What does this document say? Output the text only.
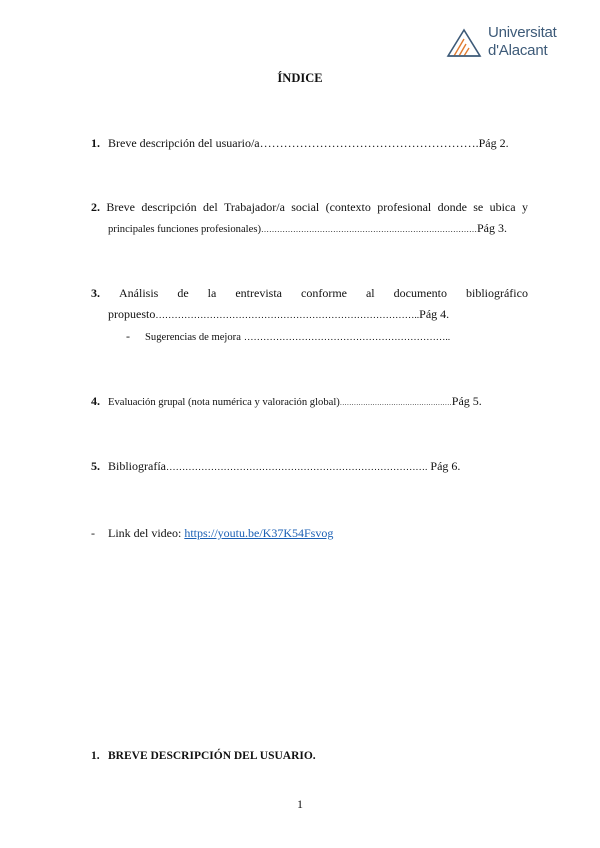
Universitat
d'Alacant
ÍNDICE
1. Breve descripción del usuario/a……………………………………………….Pág 2.
2. Breve descripción del Trabajador/a social (contexto profesional donde se ubica y
principales funciones profesionales)………………………………………………………………………Pág 3.
3. Análisis de la entrevista conforme al documento bibliográfico
propuesto………………………………………………………………………..Pág 4.
- Sugerencias de mejora ………………………………………………………..
4. Evaluación grupal (nota numérica y valoración global)…………………………………………Pág 5.
5. Bibliografía………………………………………………………………………. Pág 6.
- Link del video: https://youtu.be/K37K54Fsvog
1. BREVE DESCRIPCIÓN DEL USUARIO.
1
